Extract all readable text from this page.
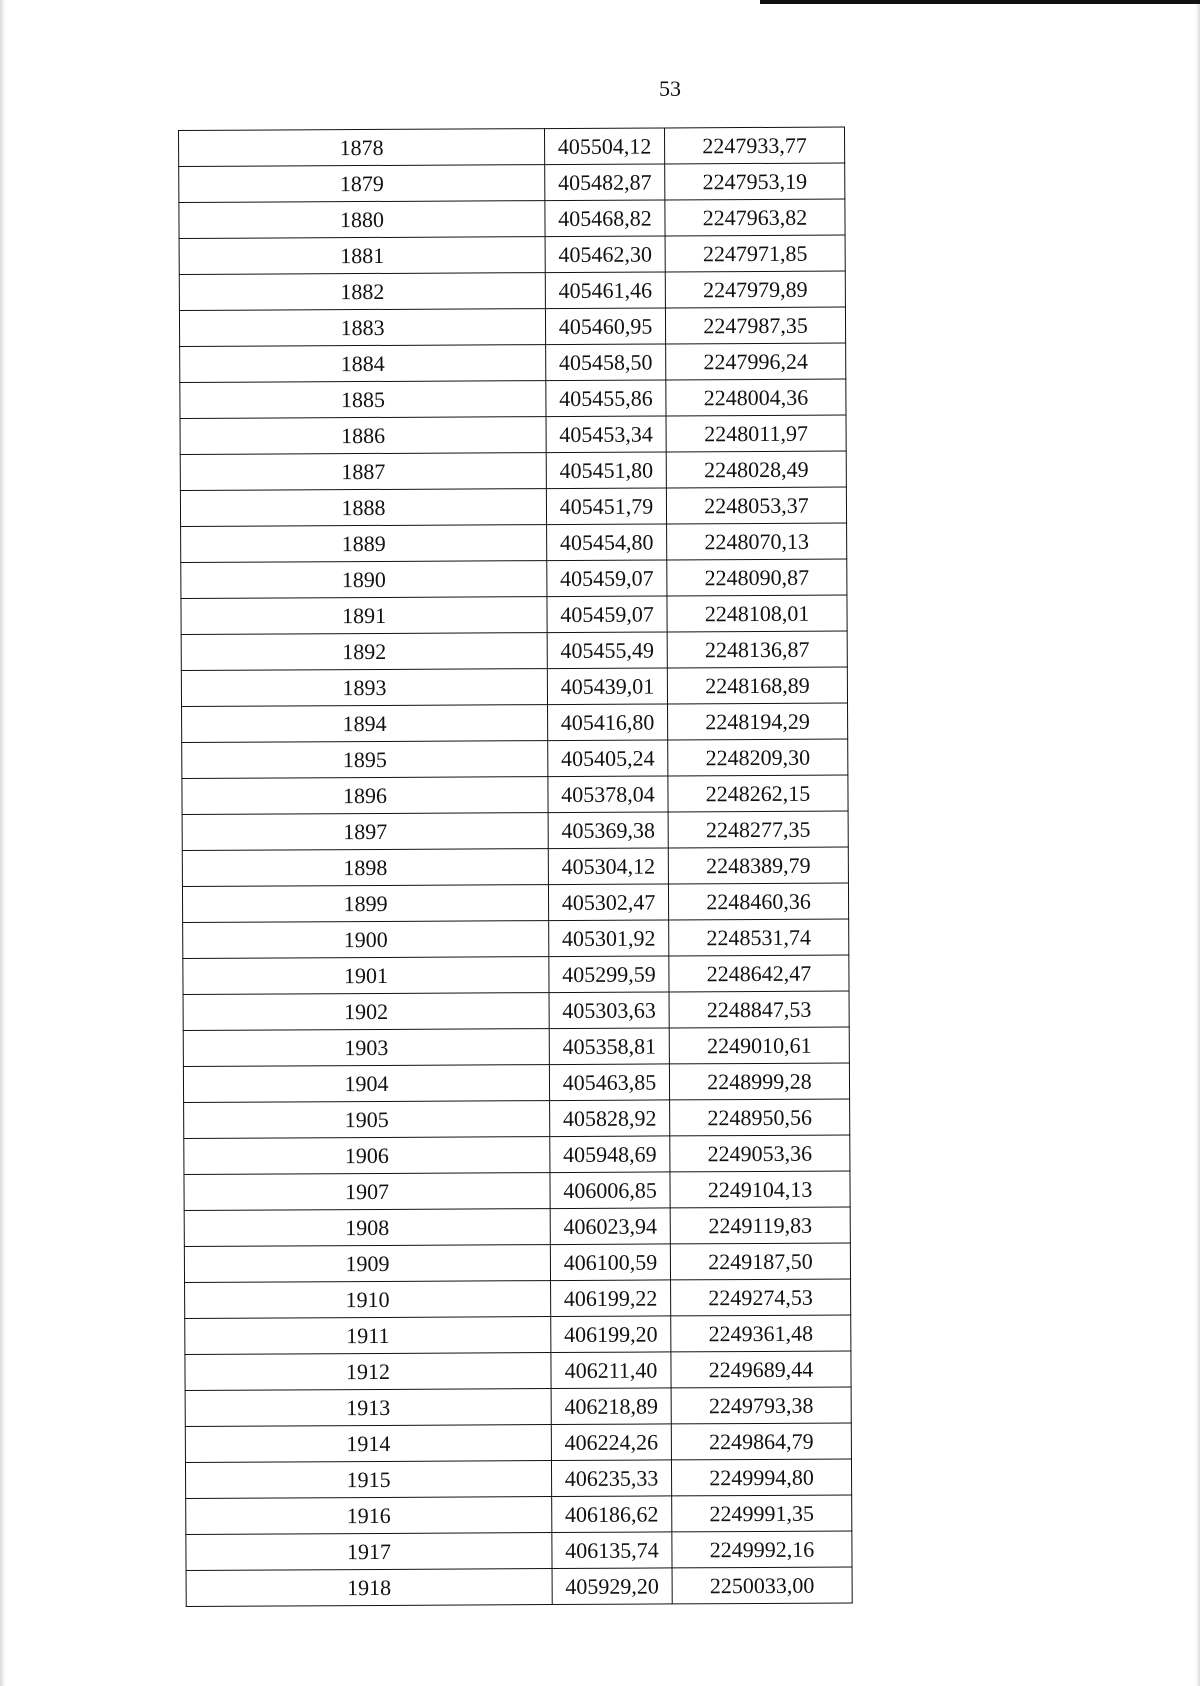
53
1878	405504,12	2247933,77
1879	405482,87	2247953,19
1880	405468,82	2247963,82
1881	405462,30	2247971,85
1882	405461,46	2247979,89
1883	405460,95	2247987,35
1884	405458,50	2247996,24
1885	405455,86	2248004,36
1886	405453,34	2248011,97
1887	405451,80	2248028,49
1888	405451,79	2248053,37
1889	405454,80	2248070,13
1890	405459,07	2248090,87
1891	405459,07	2248108,01
1892	405455,49	2248136,87
1893	405439,01	2248168,89
1894	405416,80	2248194,29
1895	405405,24	2248209,30
1896	405378,04	2248262,15
1897	405369,38	2248277,35
1898	405304,12	2248389,79
1899	405302,47	2248460,36
1900	405301,92	2248531,74
1901	405299,59	2248642,47
1902	405303,63	2248847,53
1903	405358,81	2249010,61
1904	405463,85	2248999,28
1905	405828,92	2248950,56
1906	405948,69	2249053,36
1907	406006,85	2249104,13
1908	406023,94	2249119,83
1909	406100,59	2249187,50
1910	406199,22	2249274,53
1911	406199,20	2249361,48
1912	406211,40	2249689,44
1913	406218,89	2249793,38
1914	406224,26	2249864,79
1915	406235,33	2249994,80
1916	406186,62	2249991,35
1917	406135,74	2249992,16
1918	405929,20	2250033,00
